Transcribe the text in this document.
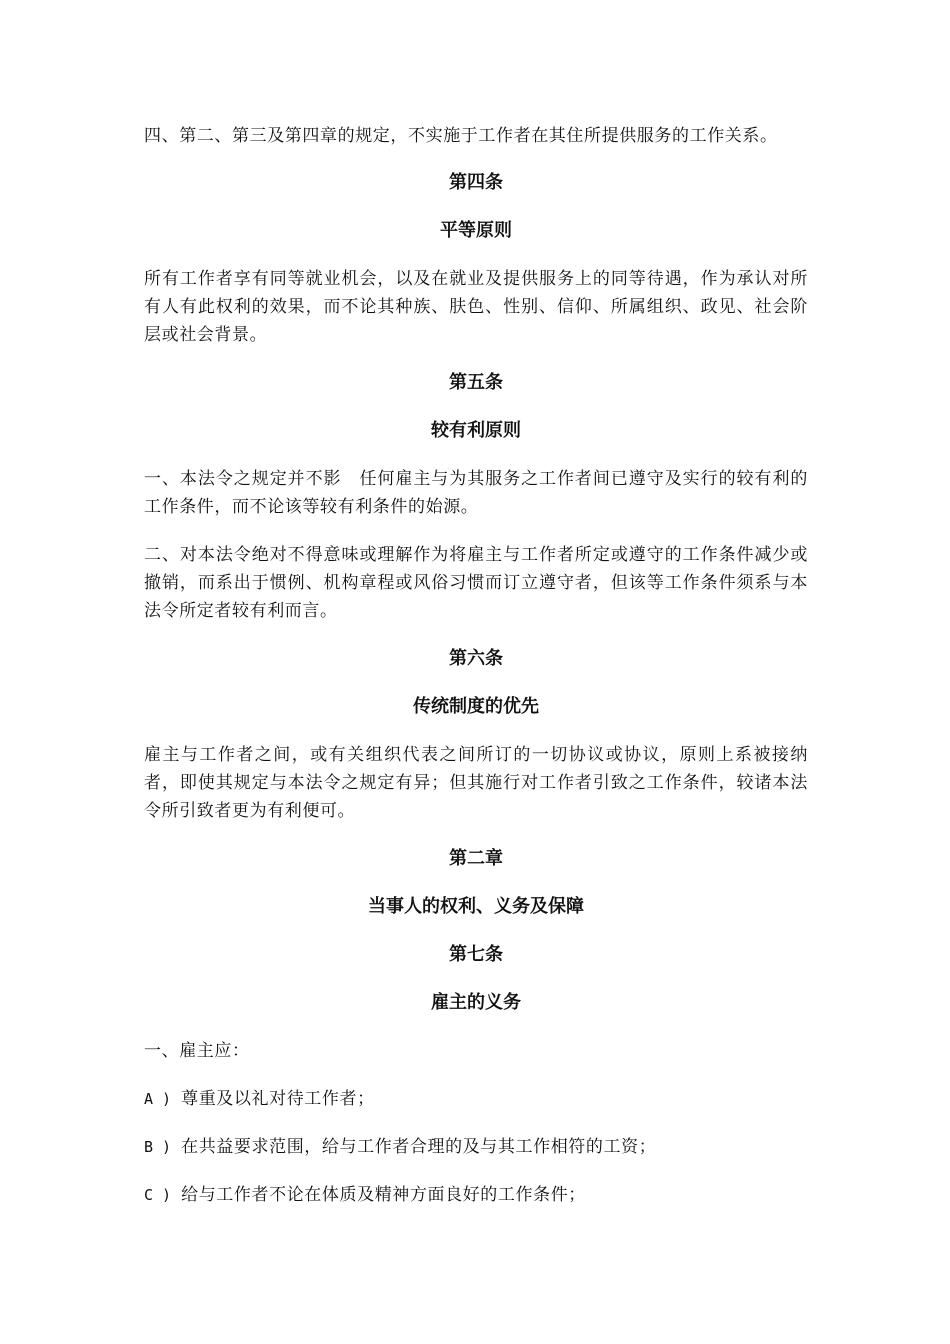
四、第二、第三及第四章的规定，不实施于工作者在其住所提供服务的工作关系。

第四条

平等原则

所有工作者享有同等就业机会，以及在就业及提供服务上的同等待遇，作为承认对所有人有此权利的效果，而不论其种族、肤色、性别、信仰、所属组织、政见、社会阶层或社会背景。

第五条

较有利原则

一、本法令之规定并不影　任何雇主与为其服务之工作者间已遵守及实行的较有利的工作条件，而不论该等较有利条件的始源。

二、对本法令绝对不得意味或理解作为将雇主与工作者所定或遵守的工作条件减少或撤销，而系出于惯例、机构章程或风俗习惯而订立遵守者，但该等工作条件须系与本法令所定者较有利而言。

第六条

传统制度的优先

雇主与工作者之间，或有关组织代表之间所订的一切协议或协议，原则上系被接纳者，即使其规定与本法令之规定有异；但其施行对工作者引致之工作条件，较诸本法令所引致者更为有利便可。

第二章

当事人的权利、义务及保障

第七条

雇主的义务

一、雇主应：

A ) 尊重及以礼对待工作者；

B ) 在共益要求范围，给与工作者合理的及与其工作相符的工资；

C ) 给与工作者不论在体质及精神方面良好的工作条件；
